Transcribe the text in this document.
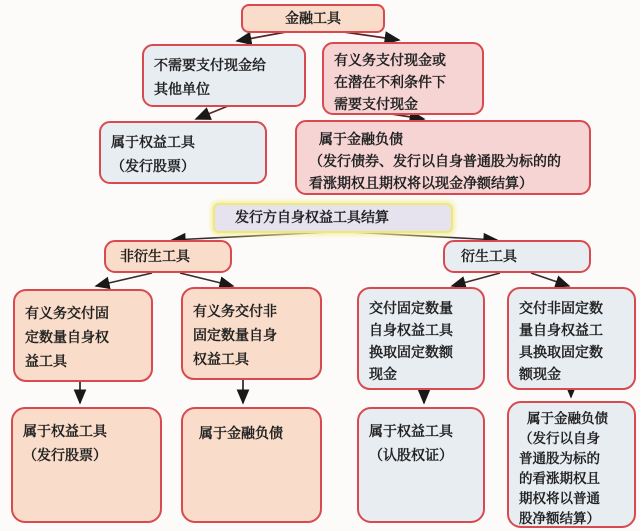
金融工具
不需要支付现金给
其他单位
有义务支付现金或
在潜在不利条件下
需要支付现金
属于权益工具
（发行股票）
属于金融负债
（发行债券、发行以自身普通股为标的的
看涨期权且期权将以现金净额结算）
发行方自身权益工具结算
非衍生工具	衍生工具
有义务交付固
定数量自身权
益工具
有义务交付非
固定数量自身
权益工具
交付固定数量
自身权益工具
换取固定数额
现金
交付非固定数
量自身权益工
具换取固定数
额现金
属于权益工具
（发行股票）
属于金融负债	属于权益工具
（认股权证）
属于金融负债
（发行以自身
普通股为标的
的看涨期权且
期权将以普通
股净额结算）
